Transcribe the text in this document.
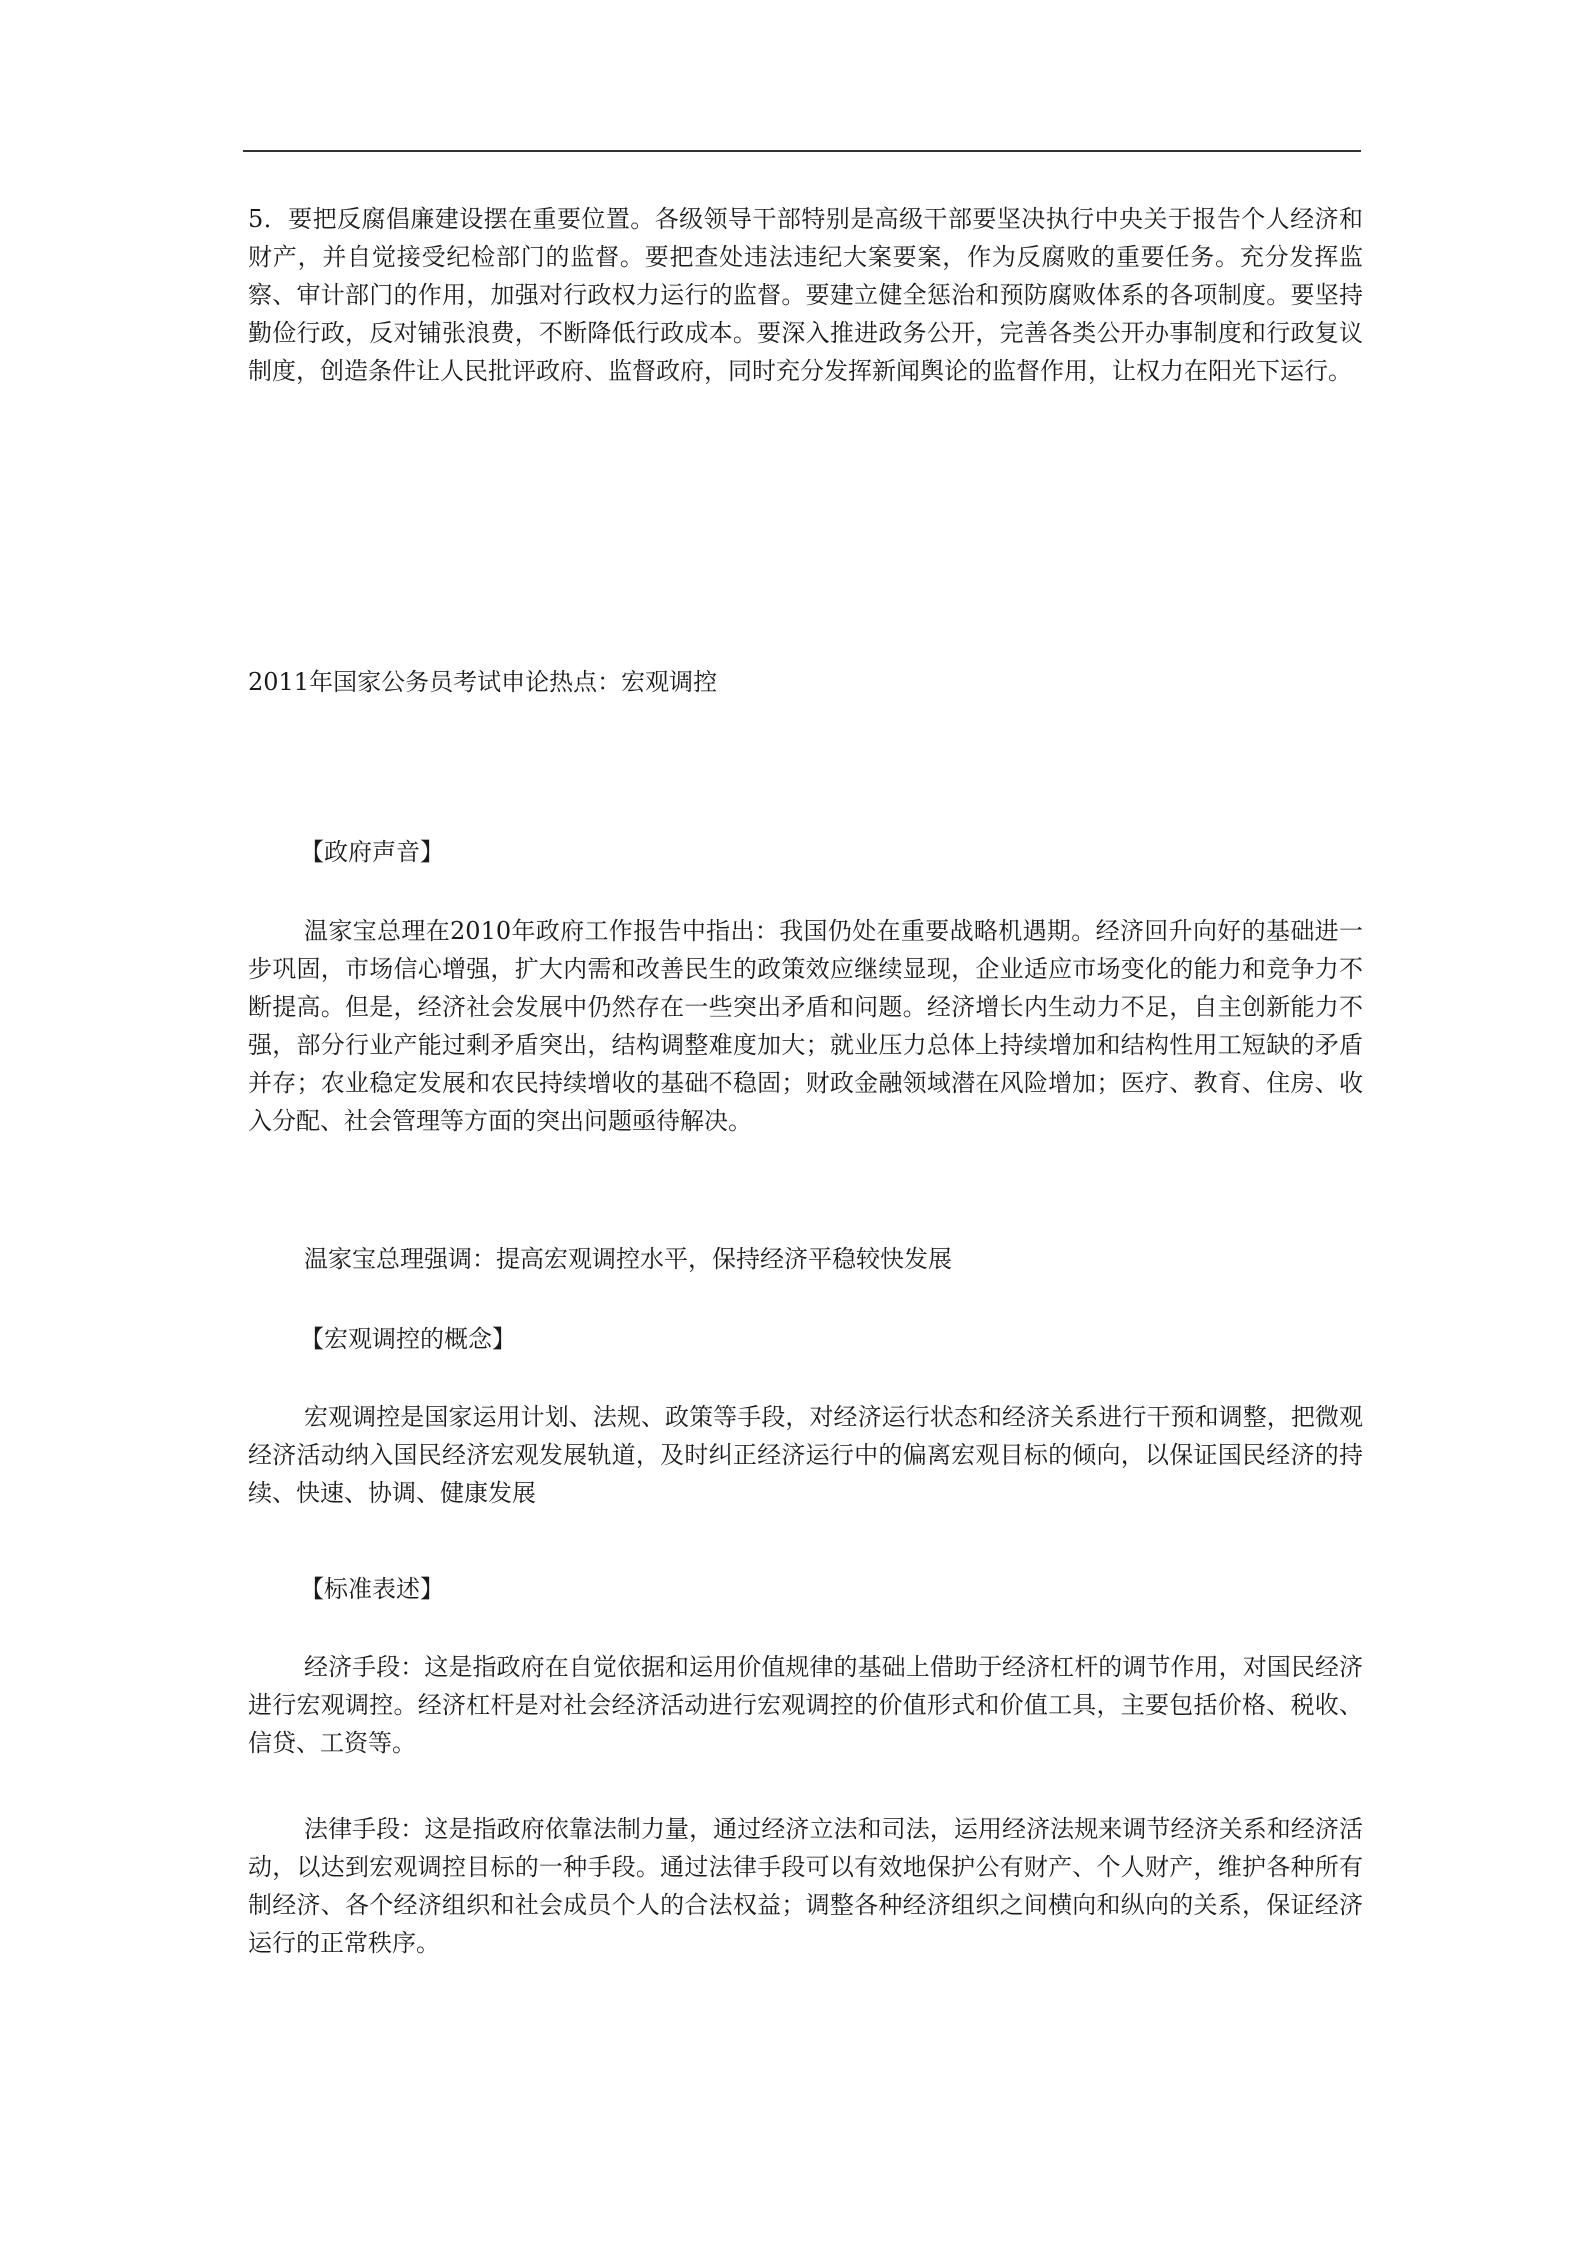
5．要把反腐倡廉建设摆在重要位置。各级领导干部特别是高级干部要坚决执行中央关于报告个人经济和财产，并自觉接受纪检部门的监督。要把查处违法违纪大案要案，作为反腐败的重要任务。充分发挥监察、审计部门的作用，加强对行政权力运行的监督。要建立健全惩治和预防腐败体系的各项制度。要坚持勤俭行政，反对铺张浪费，不断降低行政成本。要深入推进政务公开，完善各类公开办事制度和行政复议制度，创造条件让人民批评政府、监督政府，同时充分发挥新闻舆论的监督作用，让权力在阳光下运行。

2011年国家公务员考试申论热点：宏观调控

【政府声音】

温家宝总理在2010年政府工作报告中指出：我国仍处在重要战略机遇期。经济回升向好的基础进一步巩固，市场信心增强，扩大内需和改善民生的政策效应继续显现，企业适应市场变化的能力和竞争力不断提高。但是，经济社会发展中仍然存在一些突出矛盾和问题。经济增长内生动力不足，自主创新能力不强，部分行业产能过剩矛盾突出，结构调整难度加大；就业压力总体上持续增加和结构性用工短缺的矛盾并存；农业稳定发展和农民持续增收的基础不稳固；财政金融领域潜在风险增加；医疗、教育、住房、收入分配、社会管理等方面的突出问题亟待解决。

温家宝总理强调：提高宏观调控水平，保持经济平稳较快发展

【宏观调控的概念】

宏观调控是国家运用计划、法规、政策等手段，对经济运行状态和经济关系进行干预和调整，把微观经济活动纳入国民经济宏观发展轨道，及时纠正经济运行中的偏离宏观目标的倾向，以保证国民经济的持续、快速、协调、健康发展

【标准表述】

经济手段：这是指政府在自觉依据和运用价值规律的基础上借助于经济杠杆的调节作用，对国民经济进行宏观调控。经济杠杆是对社会经济活动进行宏观调控的价值形式和价值工具，主要包括价格、税收、信贷、工资等。

法律手段：这是指政府依靠法制力量，通过经济立法和司法，运用经济法规来调节经济关系和经济活动，以达到宏观调控目标的一种手段。通过法律手段可以有效地保护公有财产、个人财产，维护各种所有制经济、各个经济组织和社会成员个人的合法权益；调整各种经济组织之间横向和纵向的关系，保证经济运行的正常秩序。
